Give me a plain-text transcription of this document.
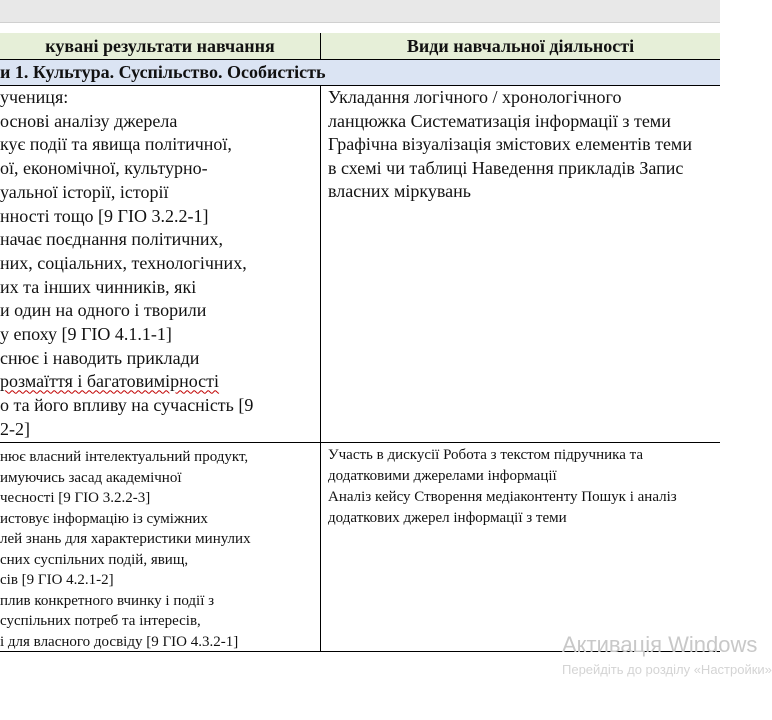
кувані результати навчання	Види навчальної діяльності
и 1. Культура. Суспільство. Особистість
учениця:
основі аналізу джерела
кує події та явища політичної,
ої, економічної, культурно-
уальної історії, історії
нності тощо [9 ГІО 3.2.2-1]
начає поєднання політичних,
них, соціальних, технологічних,
их та інших чинників, які
и один на одного і творили
у епоху [9 ГІО 4.1.1-1]
снює і наводить приклади
розмаїття і багатовимірності
о та його впливу на сучасність [9
2-2]
Укладання логічного / хронологічного
ланцюжка Систематизація інформації з теми
Графічна візуалізація змістових елементів теми
в схемі чи таблиці Наведення прикладів Запис
власних міркувань
нює власний інтелектуальний продукт,
имуючись засад академічної
чесності [9 ГІО 3.2.2-3]
истовує інформацію із суміжних
лей знань для характеристики минулих
сних суспільних подій, явищ,
сів [9 ГІО 4.2.1-2]
плив конкретного вчинку і події з
суспільних потреб та інтересів,
і для власного досвіду [9 ГІО 4.3.2-1]
Участь в дискусії Робота з текстом підручника та
додатковими джерелами інформації
Аналіз кейсу Створення медіаконтенту Пошук і аналіз
додаткових джерел інформації з теми
Активація Windows
Перейдіть до розділу «Настройки»
